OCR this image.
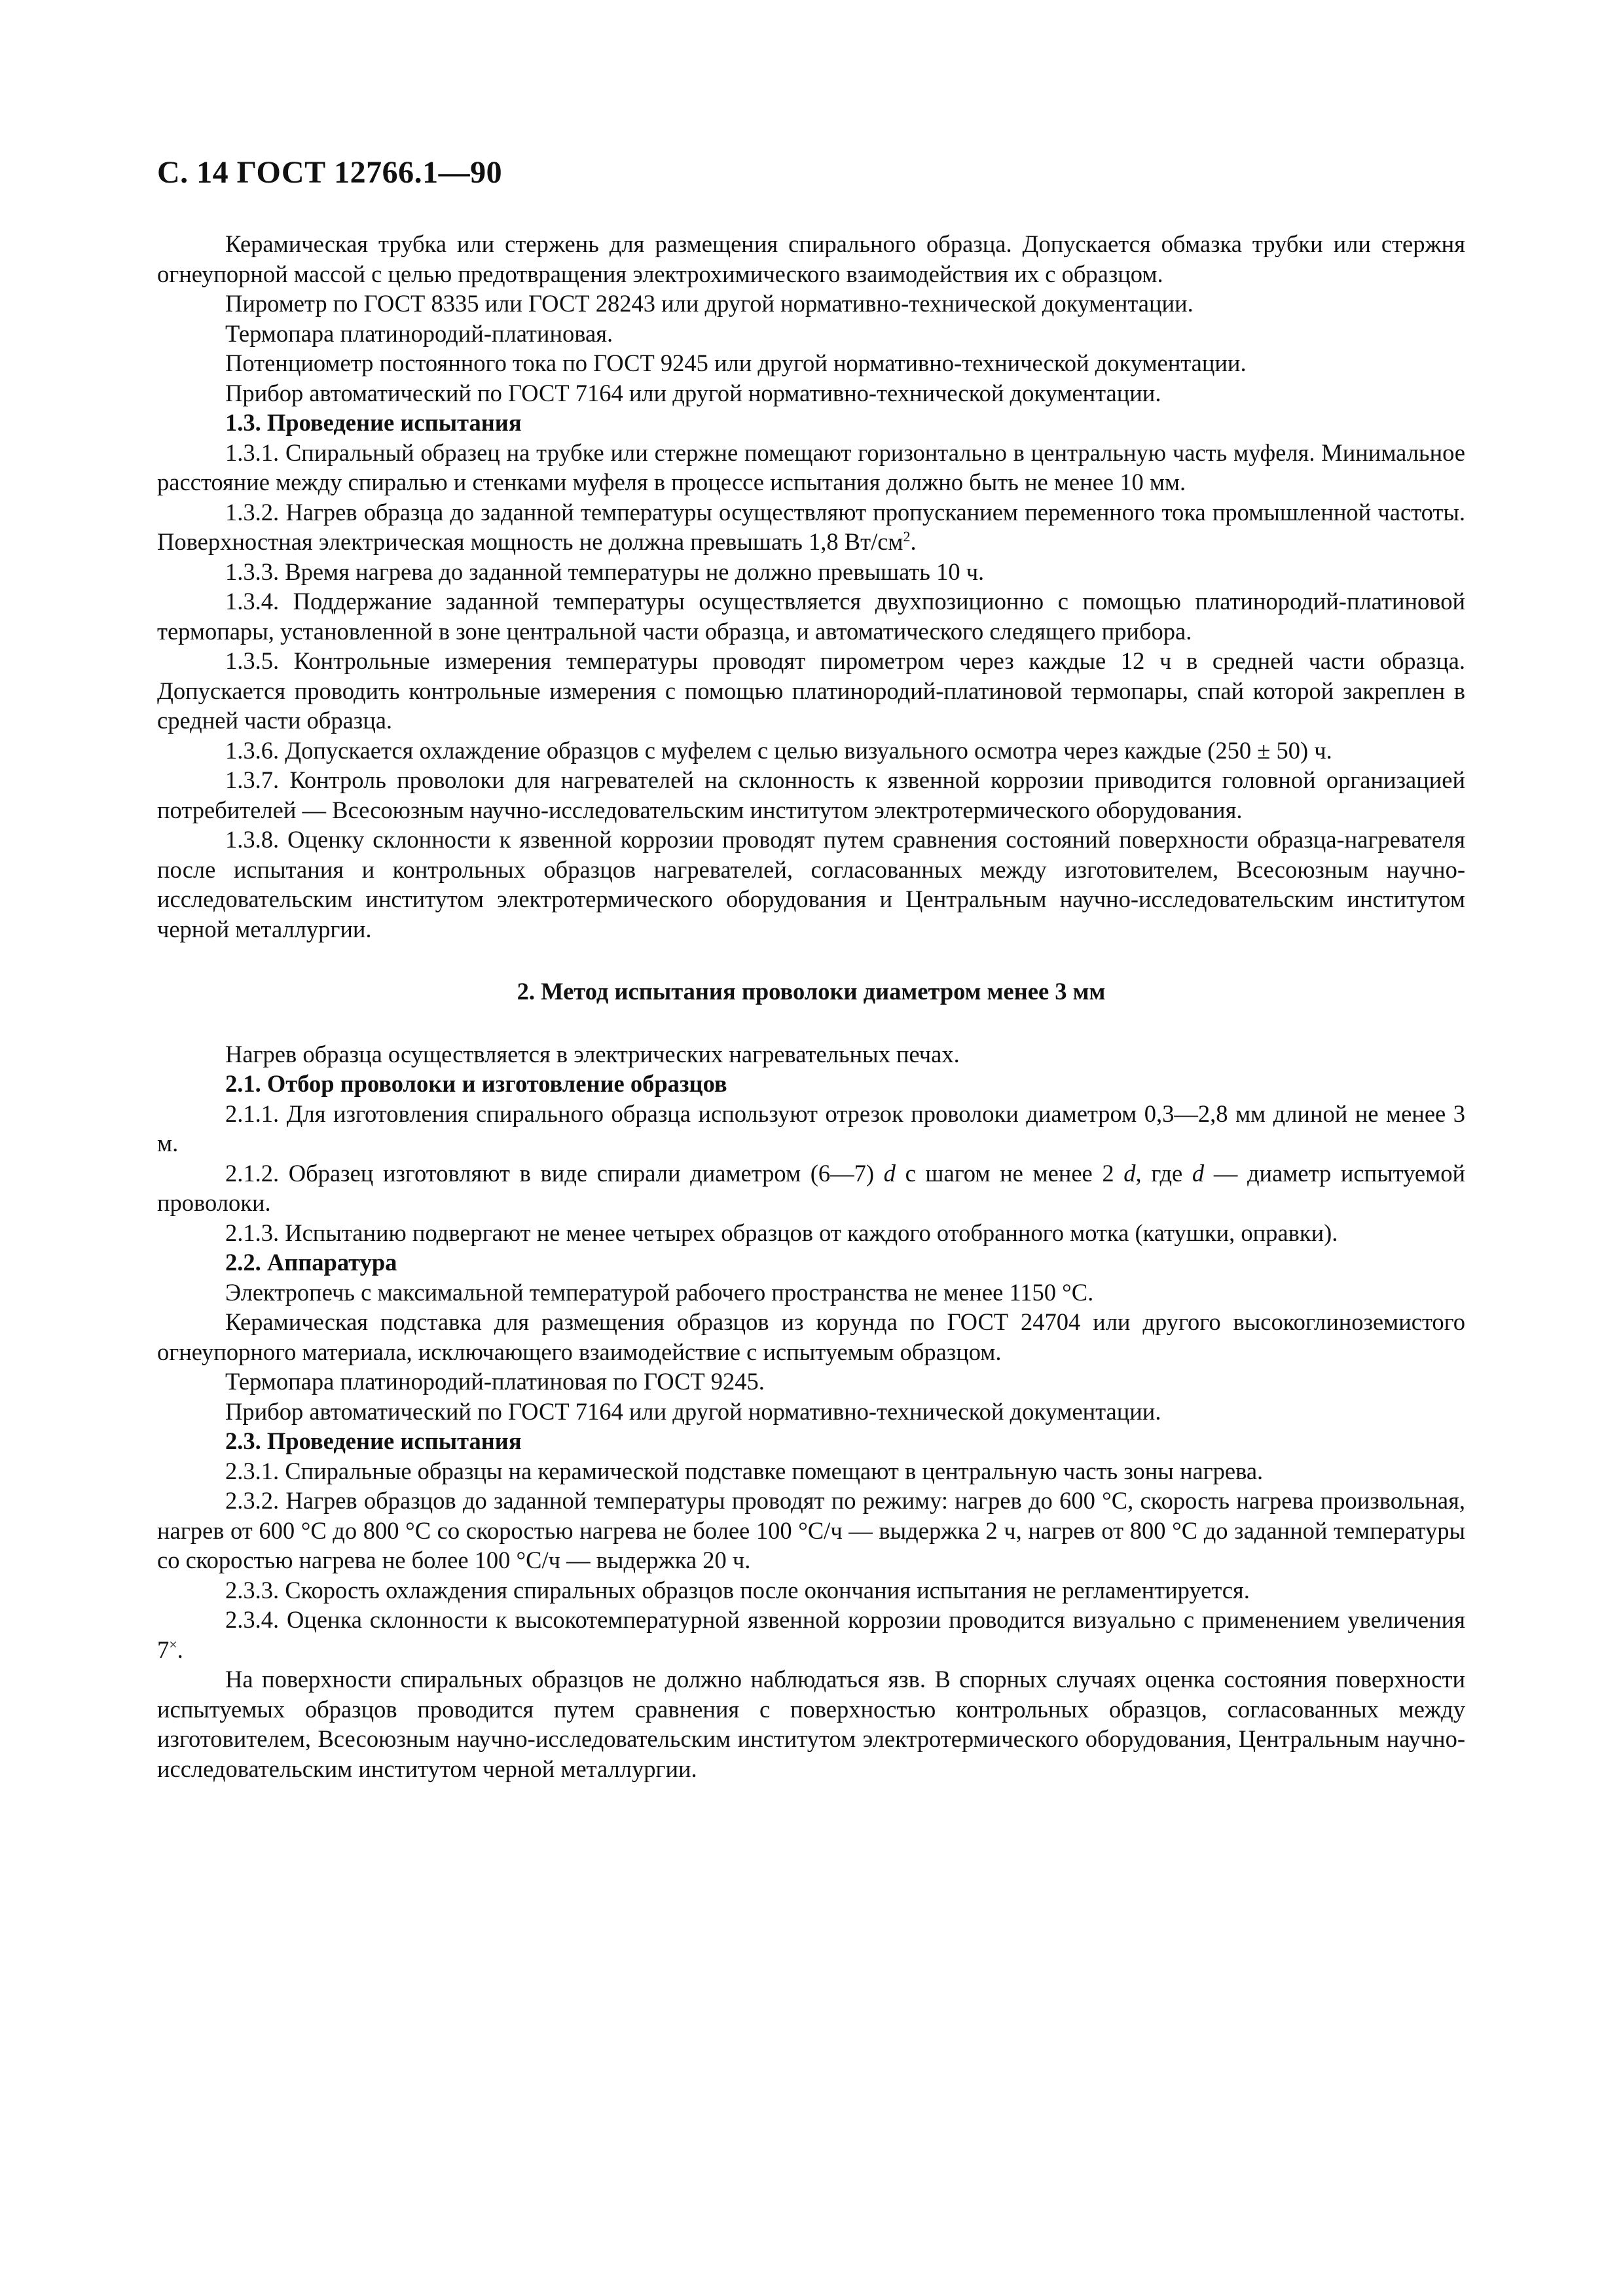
С. 14 ГОСТ 12766.1—90

Керамическая трубка или стержень для размещения спирального образца. Допускается обмазка трубки или стержня огнеупорной массой с целью предотвращения электрохимического взаимодействия их с образцом.

Пирометр по ГОСТ 8335 или ГОСТ 28243 или другой нормативно-технической документации.

Термопара платинородий-платиновая.

Потенциометр постоянного тока по ГОСТ 9245 или другой нормативно-технической документации.

Прибор автоматический по ГОСТ 7164 или другой нормативно-технической документации.

1.3. Проведение испытания

1.3.1. Спиральный образец на трубке или стержне помещают горизонтально в центральную часть муфеля. Минимальное расстояние между спиралью и стенками муфеля в процессе испытания должно быть не менее 10 мм.

1.3.2. Нагрев образца до заданной температуры осуществляют пропусканием переменного тока промышленной частоты. Поверхностная электрическая мощность не должна превышать 1,8 $Вт/см^2$.

1.3.3. Время нагрева до заданной температуры не должно превышать 10 ч.

1.3.4. Поддержание заданной температуры осуществляется двухпозиционно с помощью платинородий-платиновой термопары, установленной в зоне центральной части образца, и автоматического следящего прибора.

1.3.5. Контрольные измерения температуры проводят пирометром через каждые 12 ч в средней части образца. Допускается проводить контрольные измерения с помощью платинородий-платиновой термопары, спай которой закреплен в средней части образца.

1.3.6. Допускается охлаждение образцов с муфелем с целью визуального осмотра через каждые (250 ± 50) ч.

1.3.7. Контроль проволоки для нагревателей на склонность к язвенной коррозии приводится головной организацией потребителей — Всесоюзным научно-исследовательским институтом электротермического оборудования.

1.3.8. Оценку склонности к язвенной коррозии проводят путем сравнения состояний поверхности образца-нагревателя после испытания и контрольных образцов нагревателей, согласованных между изготовителем, Всесоюзным научно-исследовательским институтом электротермического оборудования и Центральным научно-исследовательским институтом черной металлургии.

2. Метод испытания проволоки диаметром менее 3 мм

Нагрев образца осуществляется в электрических нагревательных печах.

2.1. Отбор проволоки и изготовление образцов

2.1.1. Для изготовления спирального образца используют отрезок проволоки диаметром 0,3—2,8 мм длиной не менее 3 м.

2.1.2. Образец изготовляют в виде спирали диаметром (6—7) d с шагом не менее 2 d, где d — диаметр испытуемой проволоки.

2.1.3. Испытанию подвергают не менее четырех образцов от каждого отобранного мотка (катушки, оправки).

2.2. Аппаратура

Электропечь с максимальной температурой рабочего пространства не менее 1150 °С.

Керамическая подставка для размещения образцов из корунда по ГОСТ 24704 или другого высокоглиноземистого огнеупорного материала, исключающего взаимодействие с испытуемым образцом.

Термопара платинородий-платиновая по ГОСТ 9245.

Прибор автоматический по ГОСТ 7164 или другой нормативно-технической документации.

2.3. Проведение испытания

2.3.1. Спиральные образцы на керамической подставке помещают в центральную часть зоны нагрева.

2.3.2. Нагрев образцов до заданной температуры проводят по режиму: нагрев до 600 °С, скорость нагрева произвольная, нагрев от 600 °С до 800 °С со скоростью нагрева не более 100 °С/ч — выдержка 2 ч, нагрев от 800 °С до заданной температуры со скоростью нагрева не более 100 °С/ч — выдержка 20 ч.

2.3.3. Скорость охлаждения спиральных образцов после окончания испытания не регламентируется.

2.3.4. Оценка склонности к высокотемпературной язвенной коррозии проводится визуально с применением увеличения 7×.

На поверхности спиральных образцов не должно наблюдаться язв. В спорных случаях оценка состояния поверхности испытуемых образцов проводится путем сравнения с поверхностью контрольных образцов, согласованных между изготовителем, Всесоюзным научно-исследовательским институтом электротермического оборудования, Центральным научно-исследовательским институтом черной металлургии.
